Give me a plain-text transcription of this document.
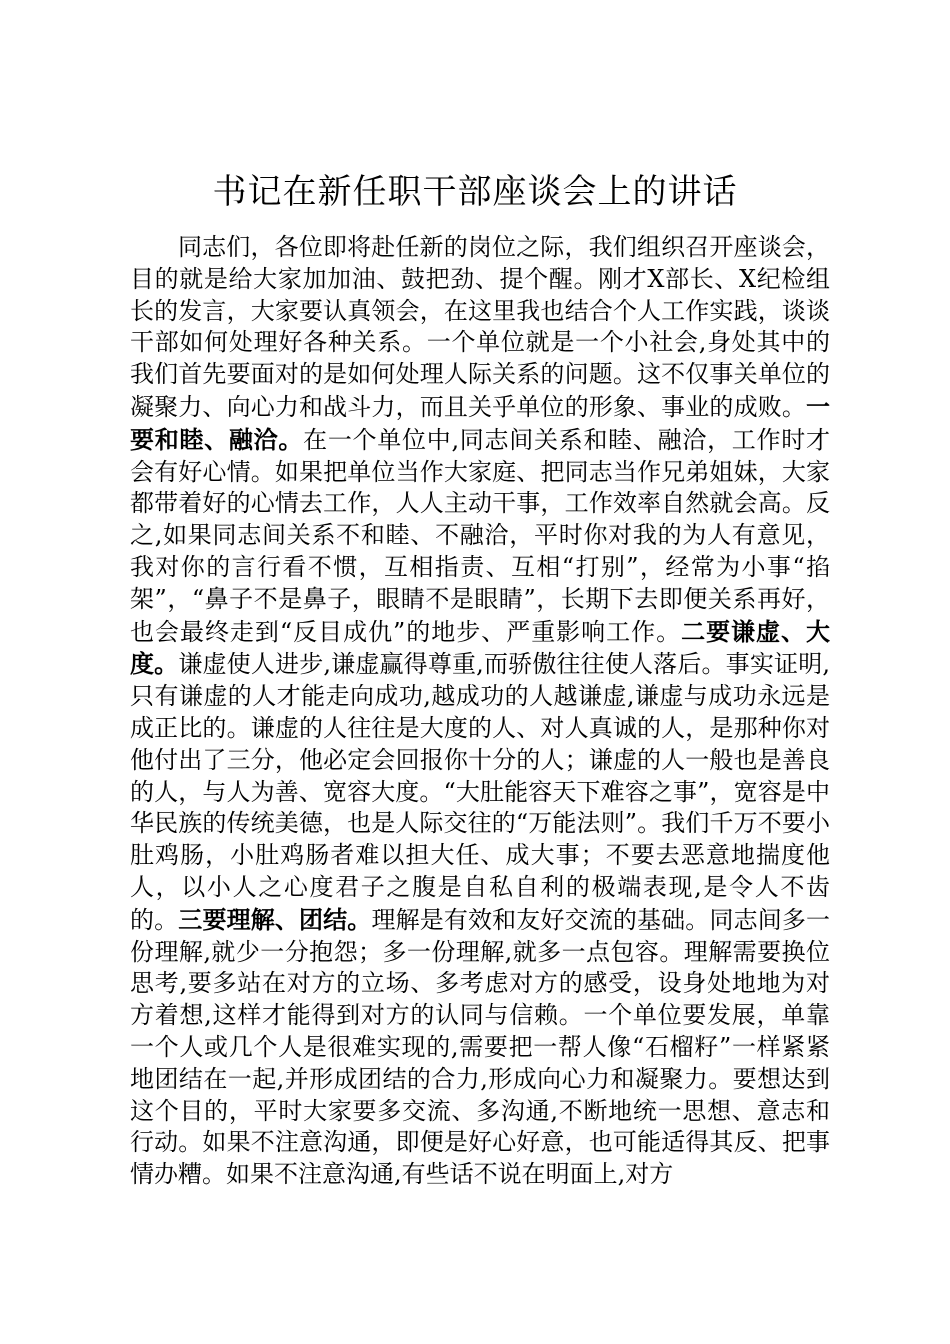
书记在新任职干部座谈会上的讲话

同志们，各位即将赴任新的岗位之际，我们组织召开座谈会，目的就是给大家加加油、鼓把劲、提个醒。刚才X部长、X纪检组长的发言，大家要认真领会，在这里我也结合个人工作实践，谈谈干部如何处理好各种关系。一个单位就是一个小社会,身处其中的我们首先要面对的是如何处理人际关系的问题。这不仅事关单位的凝聚力、向心力和战斗力，而且关乎单位的形象、事业的成败。一要和睦、融洽。在一个单位中,同志间关系和睦、融洽，工作时才会有好心情。如果把单位当作大家庭、把同志当作兄弟姐妹，大家都带着好的心情去工作，人人主动干事，工作效率自然就会高。反之,如果同志间关系不和睦、不融洽，平时你对我的为人有意见，我对你的言行看不惯，互相指责、互相“打别”，经常为小事“掐架”，“鼻子不是鼻子，眼睛不是眼睛”，长期下去即便关系再好，也会最终走到“反目成仇”的地步、严重影响工作。二要谦虚、大度。谦虚使人进步,谦虚赢得尊重,而骄傲往往使人落后。事实证明,只有谦虚的人才能走向成功,越成功的人越谦虚,谦虚与成功永远是成正比的。谦虚的人往往是大度的人、对人真诚的人，是那种你对他付出了三分，他必定会回报你十分的人；谦虚的人一般也是善良的人，与人为善、宽容大度。“大肚能容天下难容之事”，宽容是中华民族的传统美德，也是人际交往的“万能法则”。我们千万不要小肚鸡肠，小肚鸡肠者难以担大任、成大事；不要去恶意地揣度他人，以小人之心度君子之腹是自私自利的极端表现,是令人不齿的。三要理解、团结。理解是有效和友好交流的基础。同志间多一份理解,就少一分抱怨；多一份理解,就多一点包容。理解需要换位思考,要多站在对方的立场、多考虑对方的感受，设身处地地为对方着想,这样才能得到对方的认同与信赖。一个单位要发展，单靠一个人或几个人是很难实现的,需要把一帮人像“石榴籽”一样紧紧地团结在一起,并形成团结的合力,形成向心力和凝聚力。要想达到这个目的，平时大家要多交流、多沟通,不断地统一思想、意志和行动。如果不注意沟通，即便是好心好意，也可能适得其反、把事情办糟。如果不注意沟通,有些话不说在明面上,对方
